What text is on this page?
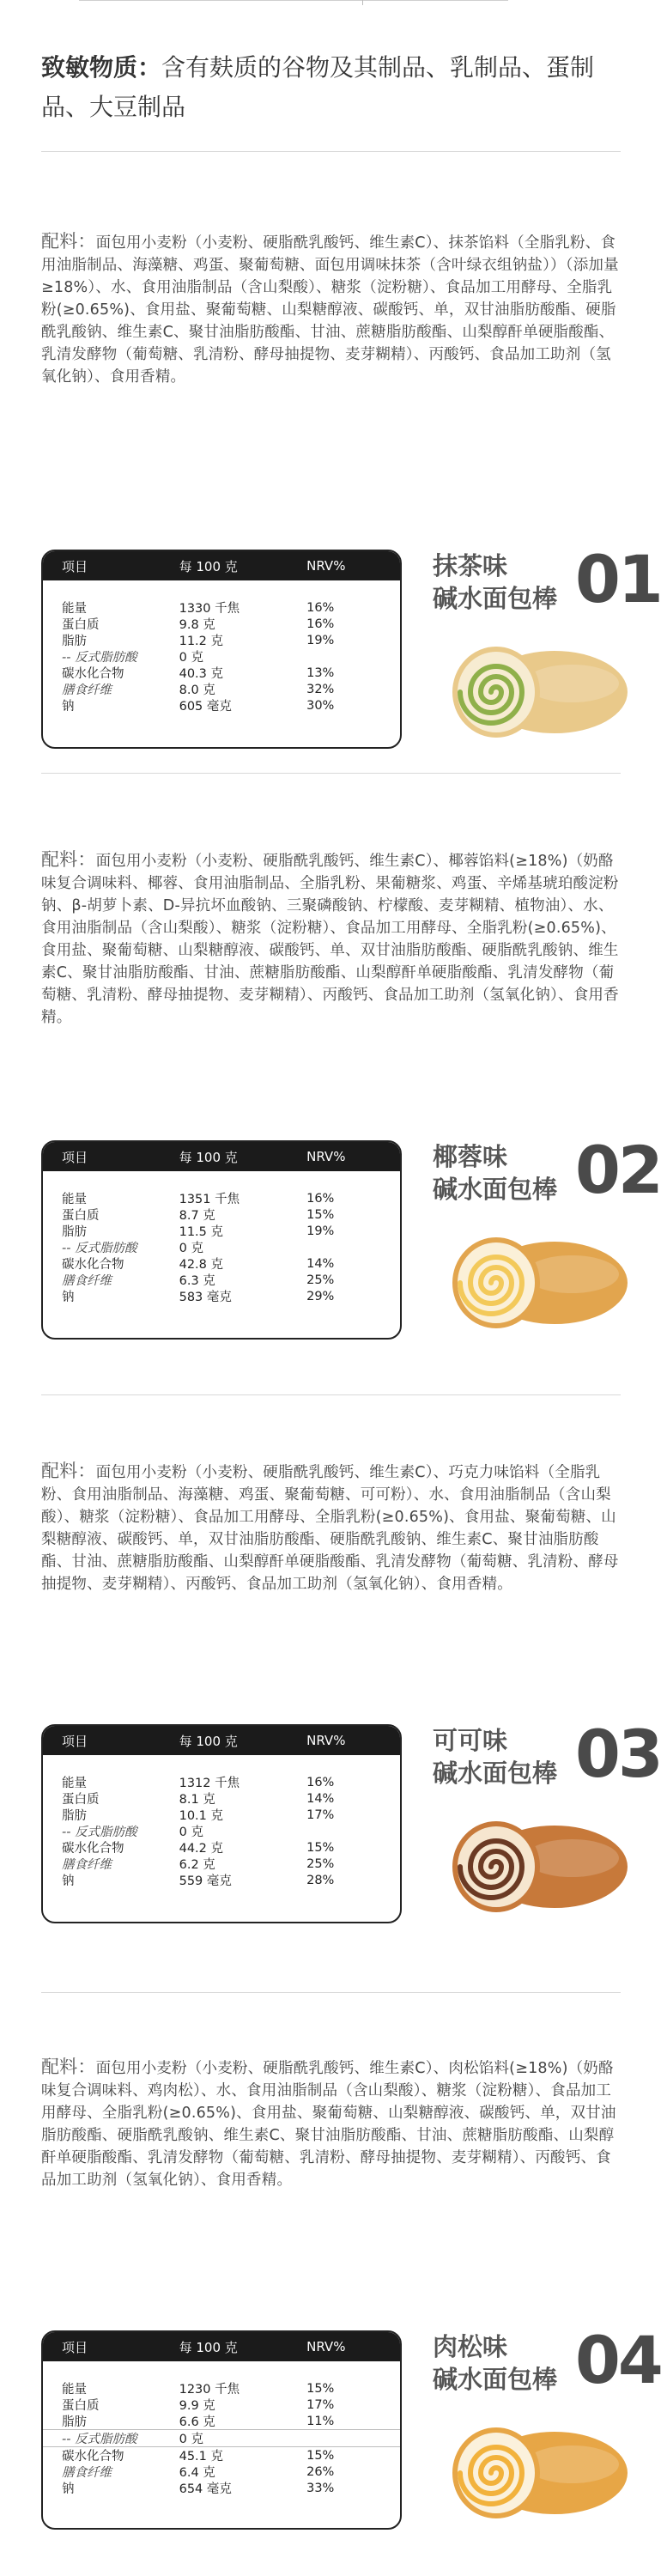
致敏物质：含有麸质的谷物及其制品、乳制品、蛋制品、大豆制品
配料：面包用小麦粉（小麦粉、硬脂酰乳酸钙、维生素C）、抹茶馅料（全脂乳粉、食用油脂制品、海藻糖、鸡蛋、聚葡萄糖、面包用调味抹茶（含叶绿衣组钠盐））（添加量≥18%）、水、食用油脂制品（含山梨酸）、糖浆（淀粉糖）、食品加工用酵母、全脂乳粉(≥0.65%)、食用盐、聚葡萄糖、山梨糖醇液、碳酸钙、单，双甘油脂肪酸酯、硬脂酰乳酸钠、维生素C、聚甘油脂肪酸酯、甘油、蔗糖脂肪酸酯、山梨醇酐单硬脂酸酯、乳清发酵物（葡萄糖、乳清粉、酵母抽提物、麦芽糊精）、丙酸钙、食品加工助剂（氢氧化钠）、食用香精。
项目	每 100 克	NRV%
能量	1330 千焦	16%
蛋白质	9.8 克	16%
脂肪	11.2 克	19%
-- 反式脂肪酸	0 克
碳水化合物	40.3 克	13%
膳食纤维	8.0 克	32%
钠	605 毫克	30%
抹茶味
碱水面包棒 01
配料：面包用小麦粉（小麦粉、硬脂酰乳酸钙、维生素C）、椰蓉馅料(≥18%)（奶酪味复合调味料、椰蓉、食用油脂制品、全脂乳粉、果葡糖浆、鸡蛋、辛烯基琥珀酸淀粉钠、β-胡萝卜素、D-异抗坏血酸钠、三聚磷酸钠、柠檬酸、麦芽糊精、植物油）、水、食用油脂制品（含山梨酸）、糖浆（淀粉糖）、食品加工用酵母、全脂乳粉(≥0.65%)、食用盐、聚葡萄糖、山梨糖醇液、碳酸钙、单、双甘油脂肪酸酯、硬脂酰乳酸钠、维生素C、聚甘油脂肪酸酯、甘油、蔗糖脂肪酸酯、山梨醇酐单硬脂酸酯、乳清发酵物（葡萄糖、乳清粉、酵母抽提物、麦芽糊精）、丙酸钙、食品加工助剂（氢氧化钠）、食用香精。
项目	每 100 克	NRV%
能量	1351 千焦	16%
蛋白质	8.7 克	15%
脂肪	11.5 克	19%
-- 反式脂肪酸	0 克
碳水化合物	42.8 克	14%
膳食纤维	6.3 克	25%
钠	583 毫克	29%
椰蓉味
碱水面包棒 02
配料：面包用小麦粉（小麦粉、硬脂酰乳酸钙、维生素C）、巧克力味馅料（全脂乳粉、食用油脂制品、海藻糖、鸡蛋、聚葡萄糖、可可粉）、水、食用油脂制品（含山梨酸）、糖浆（淀粉糖）、食品加工用酵母、全脂乳粉(≥0.65%)、食用盐、聚葡萄糖、山梨糖醇液、碳酸钙、单，双甘油脂肪酸酯、硬脂酰乳酸钠、维生素C、聚甘油脂肪酸酯、甘油、蔗糖脂肪酸酯、山梨醇酐单硬脂酸酯、乳清发酵物（葡萄糖、乳清粉、酵母抽提物、麦芽糊精）、丙酸钙、食品加工助剂（氢氧化钠）、食用香精。
项目	每 100 克	NRV%
能量	1312 千焦	16%
蛋白质	8.1 克	14%
脂肪	10.1 克	17%
-- 反式脂肪酸	0 克
碳水化合物	44.2 克	15%
膳食纤维	6.2 克	25%
钠	559 毫克	28%
可可味
碱水面包棒 03
配料：面包用小麦粉（小麦粉、硬脂酰乳酸钙、维生素C）、肉松馅料(≥18%)（奶酪味复合调味料、鸡肉松）、水、食用油脂制品（含山梨酸）、糖浆（淀粉糖）、食品加工用酵母、全脂乳粉(≥0.65%)、食用盐、聚葡萄糖、山梨糖醇液、碳酸钙、单，双甘油脂肪酸酯、硬脂酰乳酸钠、维生素C、聚甘油脂肪酸酯、甘油、蔗糖脂肪酸酯、山梨醇酐单硬脂酸酯、乳清发酵物（葡萄糖、乳清粉、酵母抽提物、麦芽糊精）、丙酸钙、食品加工助剂（氢氧化钠）、食用香精。
项目	每 100 克	NRV%
能量	1230 千焦	15%
蛋白质	9.9 克	17%
脂肪	6.6 克	11%
-- 反式脂肪酸	0 克
碳水化合物	45.1 克	15%
膳食纤维	6.4 克	26%
钠	654 毫克	33%
肉松味
碱水面包棒 04
